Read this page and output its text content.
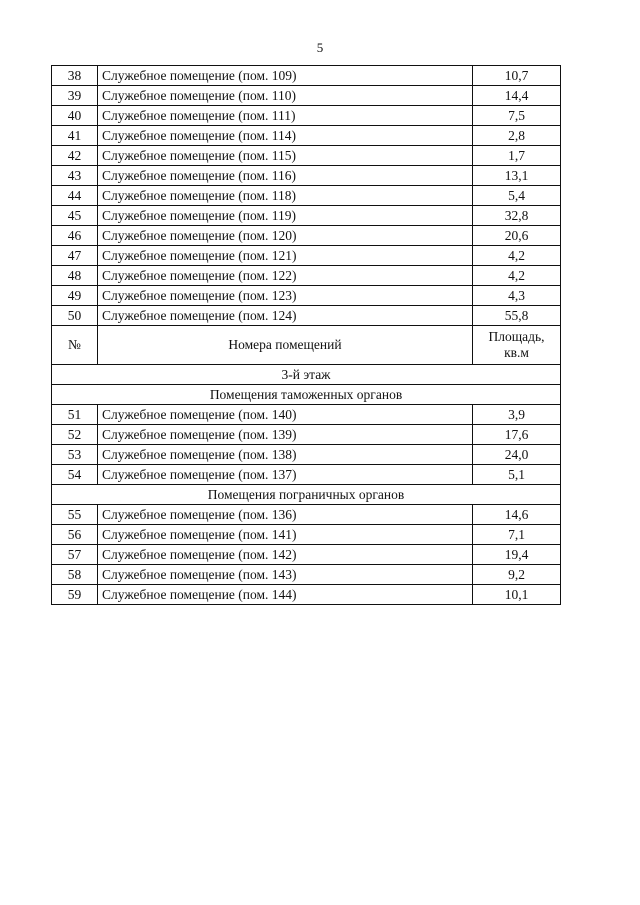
5
38	Служебное помещение (пом. 109)	10,7
39	Служебное помещение (пом. 110)	14,4
40	Служебное помещение (пом. 111)	7,5
41	Служебное помещение (пом. 114)	2,8
42	Служебное помещение (пом. 115)	1,7
43	Служебное помещение (пом. 116)	13,1
44	Служебное помещение (пом. 118)	5,4
45	Служебное помещение (пом. 119)	32,8
46	Служебное помещение (пом. 120)	20,6
47	Служебное помещение (пом. 121)	4,2
48	Служебное помещение (пом. 122)	4,2
49	Служебное помещение (пом. 123)	4,3
50	Служебное помещение (пом. 124)	55,8
№	Номера помещений	Площадь, кв.м
3-й этаж		
Помещения таможенных органов		
51	Служебное помещение (пом. 140)	3,9
52	Служебное помещение (пом. 139)	17,6
53	Служебное помещение (пом. 138)	24,0
54	Служебное помещение (пом. 137)	5,1
Помещения пограничных органов		
55	Служебное помещение (пом. 136)	14,6
56	Служебное помещение (пом. 141)	7,1
57	Служебное помещение (пом. 142)	19,4
58	Служебное помещение (пом. 143)	9,2
59	Служебное помещение (пом. 144)	10,1
